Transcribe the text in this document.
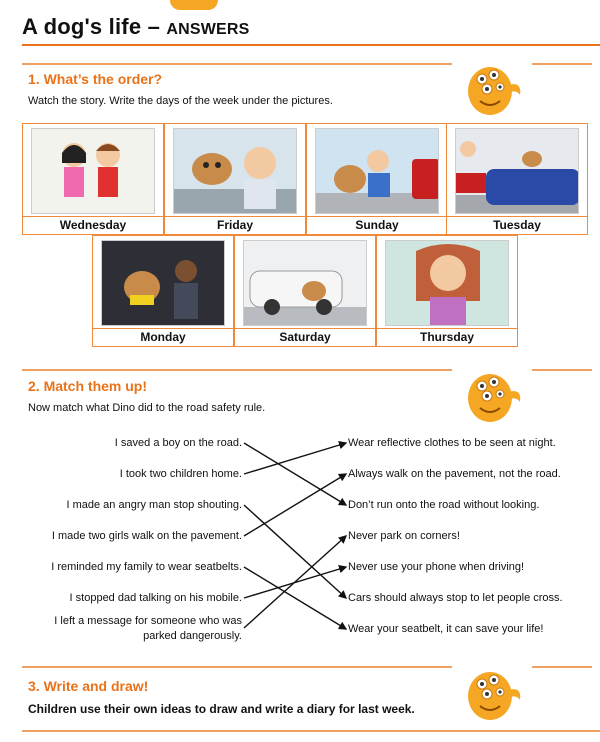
A dog's life – ANSWERS
1. What’s the order?
Watch the story. Write the days of the week under the pictures.
Wednesday	Friday	Sunday	Tuesday
Monday	Saturday	Thursday
2. Match them up!
Now match what Dino did to the road safety rule.
I saved a boy on the road.
I took two children home.
I made an angry man stop shouting.
I made two girls walk on the pavement.
I reminded my family to wear seatbelts.
I stopped dad talking on his mobile.
I left a message for someone who was
parked dangerously.
Wear reflective clothes to be seen at night.
Always walk on the pavement, not the road.
Don’t run onto the road without looking.
Never park on corners!
Never use your phone when driving!
Cars should always stop to let people cross.
Wear your seatbelt, it can save your life!
3. Write and draw!
Children use their own ideas to draw and write a diary for last week.
